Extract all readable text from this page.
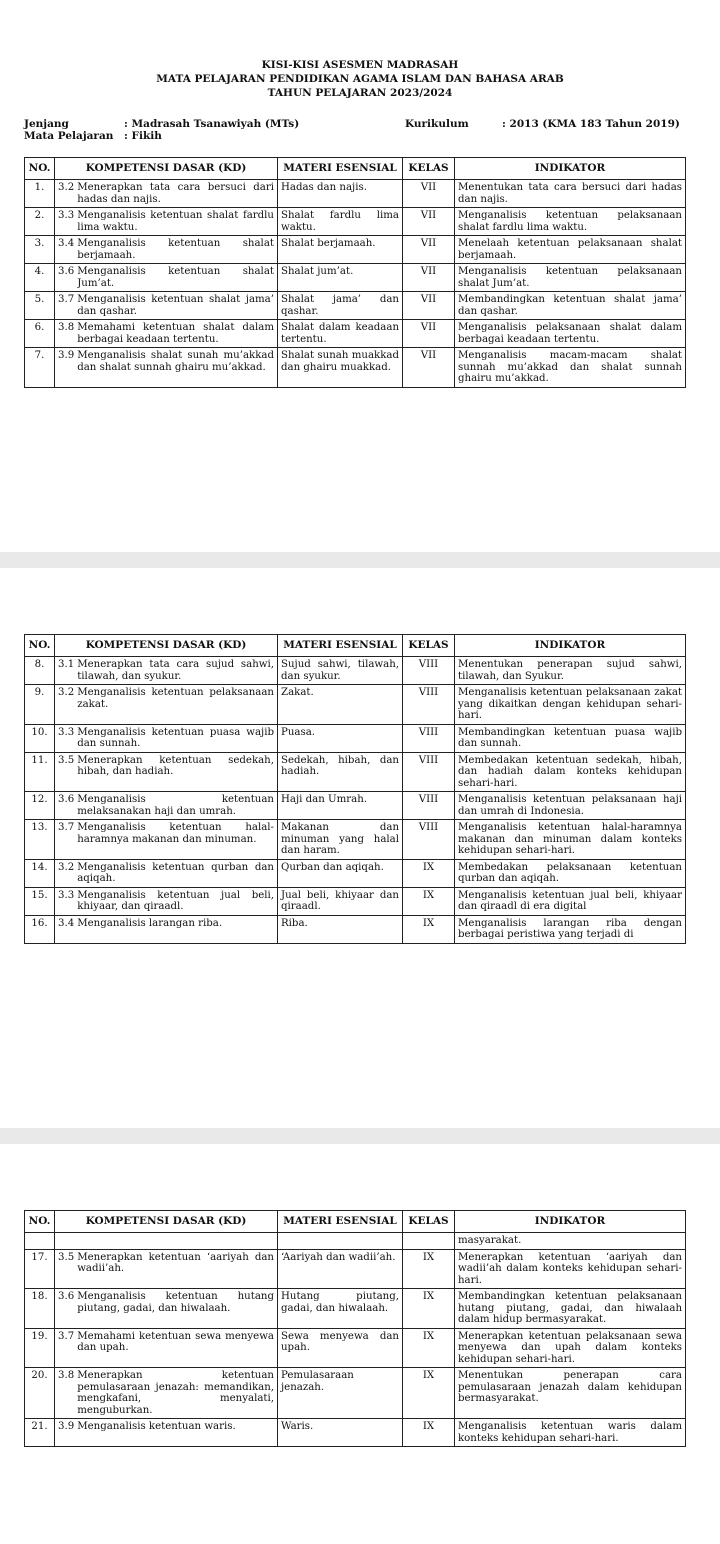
KISI-KISI ASESMEN MADRASAH
MATA PELAJARAN PENDIDIKAN AGAMA ISLAM DAN BAHASA ARAB
TAHUN PELAJARAN 2023/2024
Jenjang	: Madrasah Tsanawiyah (MTs)
Mata Pelajaran : Fikih
Kurikulum	: 2013 (KMA 183 Tahun 2019)
NO.	KOMPETENSI DASAR (KD)	MATERI ESENSIAL	KELAS	INDIKATOR
1.	3.2 Menerapkan tata cara bersuci dari hadas dan najis.	Hadas dan najis.	VII	Menentukan tata cara bersuci dari hadas dan najis.
2.	3.3 Menganalisis ketentuan shalat fardlu lima waktu.	Shalat fardlu lima waktu.	VII	Menganalisis ketentuan pelaksanaan shalat fardlu lima waktu.
3.	3.4 Menganalisis ketentuan shalat berjamaah.	Shalat berjamaah.	VII	Menelaah ketentuan pelaksanaan shalat berjamaah.
4.	3.6 Menganalisis ketentuan shalat Jum’at.	Shalat jum’at.	VII	Menganalisis ketentuan pelaksanaan shalat Jum’at.
5.	3.7 Menganalisis ketentuan shalat jama’ dan qashar.	Shalat jama’ dan qashar.	VII	Membandingkan ketentuan shalat jama’ dan qashar.
6.	3.8 Memahami ketentuan shalat dalam berbagai keadaan tertentu.	Shalat dalam keadaan tertentu.	VII	Menganalisis pelaksanaan shalat dalam berbagai keadaan tertentu.
7.	3.9 Menganalisis shalat sunah mu’akkad dan shalat sunnah ghairu mu’akkad.	Shalat sunah muakkad dan ghairu muakkad.	VII	Menganalisis macam-macam shalat sunnah mu’akkad dan shalat sunnah ghairu mu’akkad.
NO.	KOMPETENSI DASAR (KD)	MATERI ESENSIAL	KELAS	INDIKATOR
8.	3.1 Menerapkan tata cara sujud sahwi, tilawah, dan syukur.	Sujud sahwi, tilawah, dan syukur.	VIII	Menentukan penerapan sujud sahwi, tilawah, dan Syukur.
9.	3.2 Menganalisis ketentuan pelaksanaan zakat.	Zakat.	VIII	Menganalisis ketentuan pelaksanaan zakat yang dikaitkan dengan kehidupan sehari-hari.
10.	3.3 Menganalisis ketentuan puasa wajib dan sunnah.	Puasa.	VIII	Membandingkan ketentuan puasa wajib dan sunnah.
11.	3.5 Menerapkan ketentuan sedekah, hibah, dan hadiah.	Sedekah, hibah, dan hadiah.	VIII	Membedakan ketentuan sedekah, hibah, dan hadiah dalam konteks kehidupan sehari-hari.
12.	3.6 Menganalisis ketentuan melaksanakan haji dan umrah.	Haji dan Umrah.	VIII	Menganalisis ketentuan pelaksanaan haji dan umrah di Indonesia.
13.	3.7 Menganalisis ketentuan halal-haramnya makanan dan minuman.	Makanan dan minuman yang halal dan haram.	VIII	Menganalisis ketentuan halal-haramnya makanan dan minuman dalam konteks kehidupan sehari-hari.
14.	3.2 Menganalisis ketentuan qurban dan aqiqah.	Qurban dan aqiqah.	IX	Membedakan pelaksanaan ketentuan qurban dan aqiqah.
15.	3.3 Menganalisis ketentuan jual beli, khiyaar, dan qiraadl.	Jual beli, khiyaar dan qiraadl.	IX	Menganalisis ketentuan jual beli, khiyaar dan qiraadl di era digital
16.	3.4 Menganalisis larangan riba.	Riba.	IX	Menganalisis larangan riba dengan berbagai peristiwa yang terjadi di
NO.	KOMPETENSI DASAR (KD)	MATERI ESENSIAL	KELAS	INDIKATOR

			masyarakat.
17.	3.5 Menerapkan ketentuan ‘aariyah dan wadii’ah.	‘Aariyah dan wadii’ah.	IX	Menerapkan ketentuan ‘aariyah dan wadii’ah dalam konteks kehidupan sehari-hari.
18.	3.6 Menganalisis ketentuan hutang piutang, gadai, dan hiwalaah.	Hutang piutang, gadai, dan hiwalaah.	IX	Membandingkan ketentuan pelaksanaan hutang piutang, gadai, dan hiwalaah dalam hidup bermasyarakat.
19.	3.7 Memahami ketentuan sewa menyewa dan upah.	Sewa menyewa dan upah.	IX	Menerapkan ketentuan pelaksanaan sewa menyewa dan upah dalam konteks kehidupan sehari-hari.
20.	3.8 Menerapkan ketentuan pemulasaraan jenazah: memandikan, mengkafani, menyalati, menguburkan.	Pemulasaraan jenazah.	IX	Menentukan penerapan cara pemulasaraan jenazah dalam kehidupan bermasyarakat.
21.	3.9 Menganalisis ketentuan waris.	Waris.	IX	Menganalisis ketentuan waris dalam konteks kehidupan sehari-hari.
